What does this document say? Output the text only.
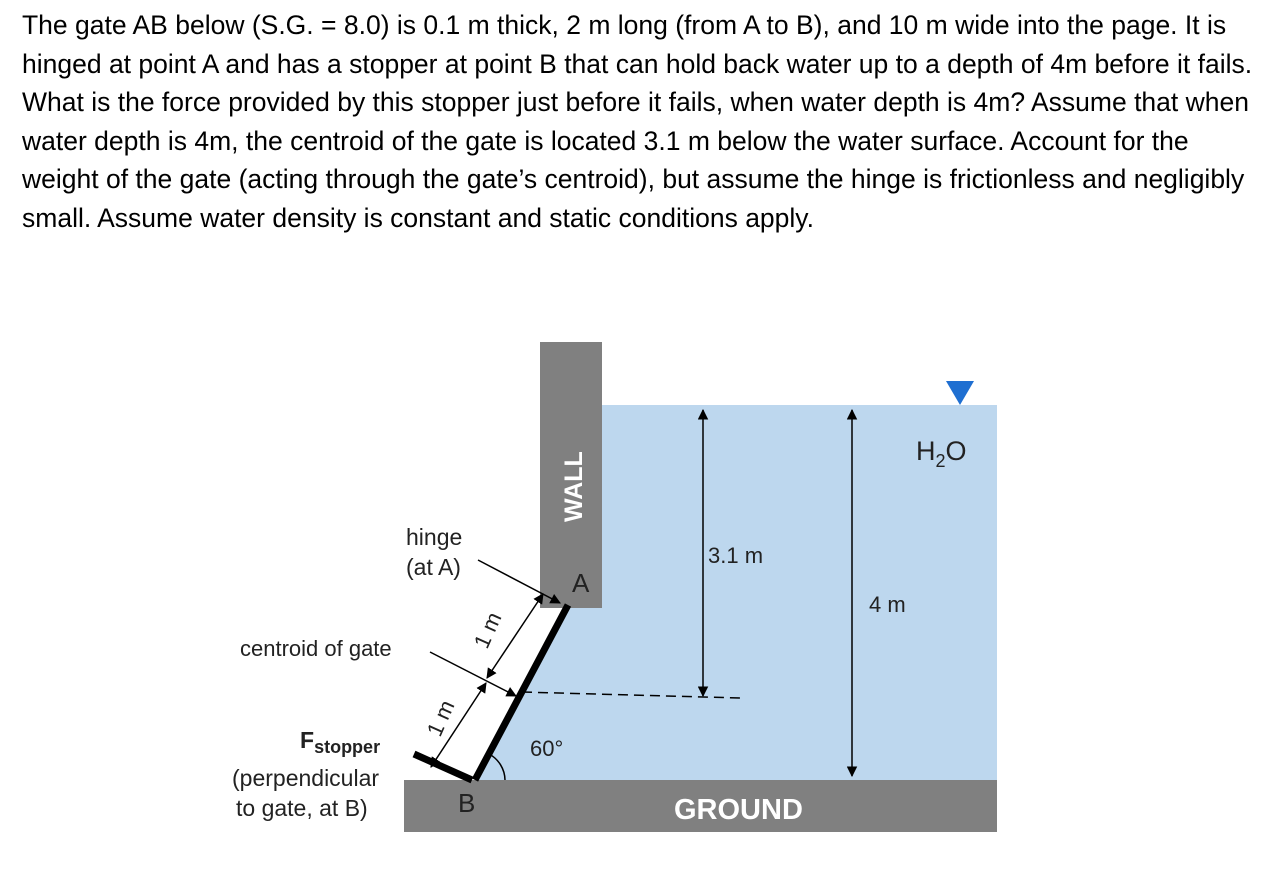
The gate AB below (S.G. = 8.0) is 0.1 m thick, 2 m long (from A to B), and 10 m wide into the page. It is hinged at point A and has a stopper at point B that can hold back water up to a depth of 4m before it fails. What is the force provided by this stopper just before it fails, when water depth is 4m? Assume that when water depth is 4m, the centroid of the gate is located 3.1 m below the water surface. Account for the weight of the gate (acting through the gate’s centroid), but assume the hinge is frictionless and negligibly small. Assume water density is constant and static conditions apply.

WALL
GROUND
$H_2O$
A
B
hinge
(at A)
centroid of gate	1 m
1 m
$F_{stopper}$
(perpendicular
to gate, at B)
3.1 m
4 m
60°
